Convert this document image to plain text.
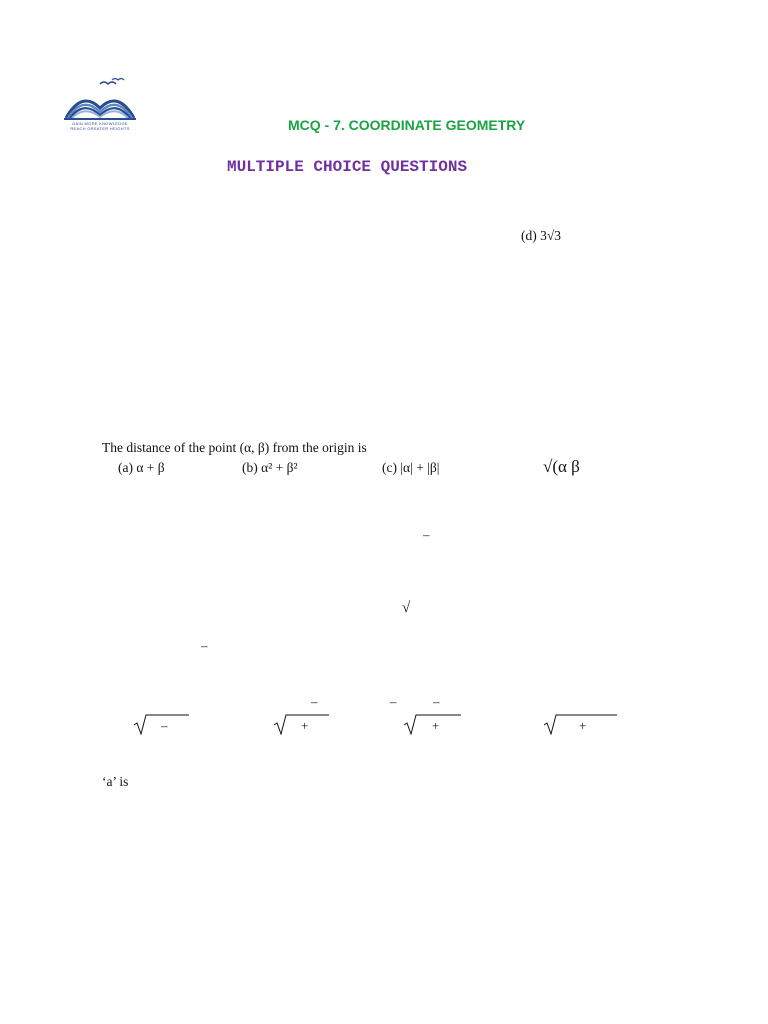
GAIN MORE KNOWLEDGE
REACH GREATER HEIGHTS	MCQ - 7. COORDINATE GEOMETRY
MULTIPLE CHOICE QUESTIONS
(d) 3√3
The distance of the point (α, β) from the origin is
(a) α + β	(b) α² + β²	(c) |α| + |β|	√(α β
–
√
–
–	–	–
–	+	+	+
‘a’ is
